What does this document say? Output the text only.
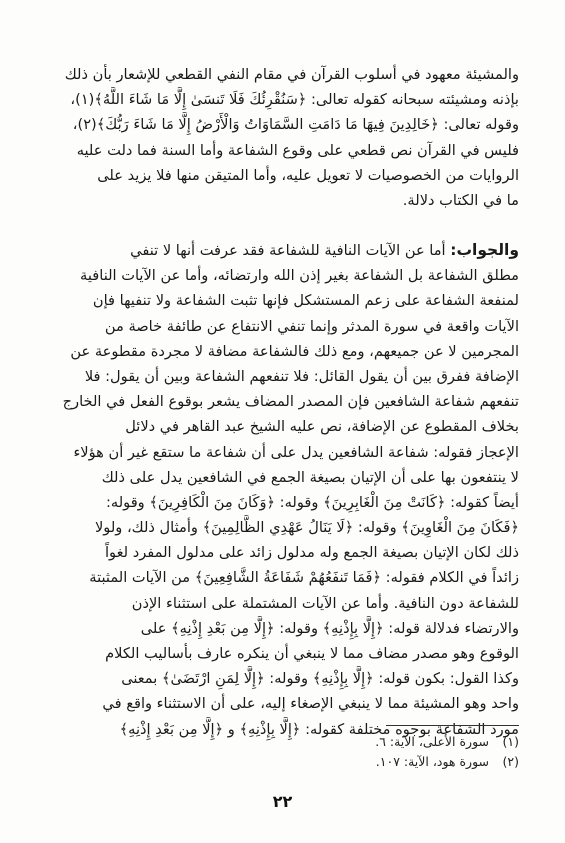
والمشيئة معهود في أسلوب القرآن في مقام النفي القطعي للإشعار بأن ذلك
بإذنه ومشيئته سبحانه كقوله تعالى: ﴿سَنُقْرِئُكَ فَلَا تَنسَىٰ إِلَّا مَا شَاءَ اللَّهُ﴾(١)،
وقوله تعالى: ﴿خَالِدِينَ فِيهَا مَا دَامَتِ السَّمَاوَاتُ وَالْأَرْضُ إِلَّا مَا شَاءَ رَبُّكَ﴾(٢)،
فليس في القرآن نص قطعي على وقوع الشفاعة وأما السنة فما دلت عليه
الروايات من الخصوصيات لا تعويل عليه، وأما المتيقن منها فلا يزيد على
ما في الكتاب دلالة.
والجواب: أما عن الآيات النافية للشفاعة فقد عرفت أنها لا تنفي
مطلق الشفاعة بل الشفاعة بغير إذن الله وارتضائه، وأما عن الآيات النافية
لمنفعة الشفاعة على زعم المستشكل فإنها تثبت الشفاعة ولا تنفيها فإن
الآيات واقعة في سورة المدثر وإنما تنفي الانتفاع عن طائفة خاصة من
المجرمين لا عن جميعهم، ومع ذلك فالشفاعة مضافة لا مجردة مقطوعة عن
الإضافة ففرق بين أن يقول القائل: فلا تنفعهم الشفاعة وبين أن يقول: فلا
تنفعهم شفاعة الشافعين فإن المصدر المضاف يشعر بوقوع الفعل في الخارج
بخلاف المقطوع عن الإضافة، نص عليه الشيخ عبد القاهر في دلائل
الإعجاز فقوله: شفاعة الشافعين يدل على أن شفاعة ما ستقع غير أن هؤلاء
لا ينتفعون بها على أن الإتيان بصيغة الجمع في الشافعين يدل على ذلك
أيضاً كقوله: ﴿كَانَتْ مِنَ الْغَابِرِينَ﴾ وقوله: ﴿وَكَانَ مِنَ الْكَافِرِينَ﴾ وقوله:
﴿فَكَانَ مِنَ الْغَاوِينَ﴾ وقوله: ﴿لَا يَنَالُ عَهْدِي الظَّالِمِينَ﴾ وأمثال ذلك، ولولا
ذلك لكان الإتيان بصيغة الجمع وله مدلول زائد على مدلول المفرد لغواً
زائداً في الكلام فقوله: ﴿فَمَا تَنفَعُهُمْ شَفَاعَةُ الشَّافِعِينَ﴾ من الآيات المثبتة
للشفاعة دون النافية. وأما عن الآيات المشتملة على استثناء الإذن
والارتضاء فدلالة قوله: ﴿إِلَّا بِإِذْنِهِ﴾ وقوله: ﴿إِلَّا مِن بَعْدِ إِذْنِهِ﴾ على
الوقوع وهو مصدر مضاف مما لا ينبغي أن ينكره عارف بأساليب الكلام
وكذا القول: بكون قوله: ﴿إِلَّا بِإِذْنِهِ﴾ وقوله: ﴿إِلَّا لِمَنِ ارْتَضَىٰ﴾ بمعنى
واحد وهو المشيئة مما لا ينبغي الإصغاء إليه، على أن الاستثناء واقع في
مورد الشفاعة بوجوه مختلفة كقوله: ﴿إِلَّا بِإِذْنِهِ﴾ و ﴿إِلَّا مِن بَعْدِ إِذْنِهِ﴾
(١) سورة الأعلى، الآية: ٦.
(٢) سورة هود، الآية: ١٠٧.
٢٢
